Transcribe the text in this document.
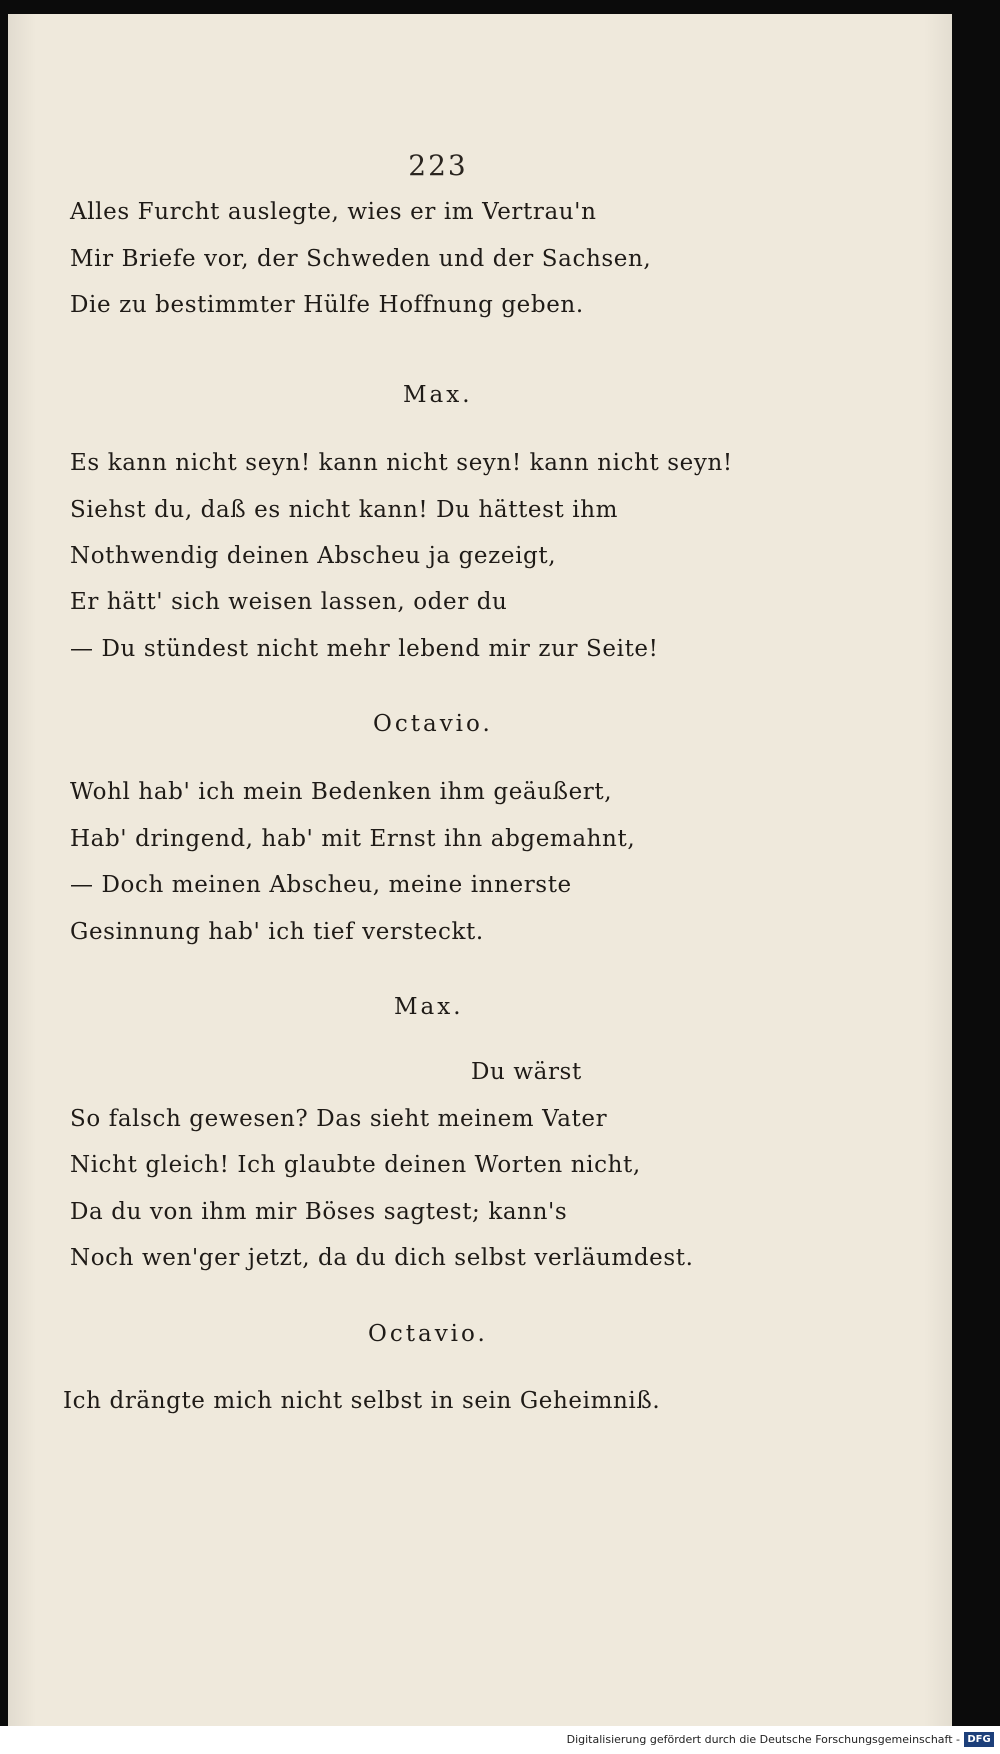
223
Alles Furcht auslegte, wies er im Vertrau'n
Mir Briefe vor, der Schweden und der Sachsen,
Die zu bestimmter Hülfe Hoffnung geben.
Max.
Es kann nicht seyn! kann nicht seyn! kann nicht seyn!
Siehst du, daß es nicht kann! Du hättest ihm
Nothwendig deinen Abscheu ja gezeigt,
Er hätt' sich weisen lassen, oder du
— Du stündest nicht mehr lebend mir zur Seite!
Octavio.
Wohl hab' ich mein Bedenken ihm geäußert,
Hab' dringend, hab' mit Ernst ihn abgemahnt,
— Doch meinen Abscheu, meine innerste
Gesinnung hab' ich tief versteckt.
Max.
Du wärst
So falsch gewesen? Das sieht meinem Vater
Nicht gleich! Ich glaubte deinen Worten nicht,
Da du von ihm mir Böses sagtest; kann's
Noch wen'ger jetzt, da du dich selbst verläumdest.
Octavio.
Ich drängte mich nicht selbst in sein Geheimniß.
Digitalisierung gefördert durch die Deutsche Forschungsgemeinschaft - DFG
